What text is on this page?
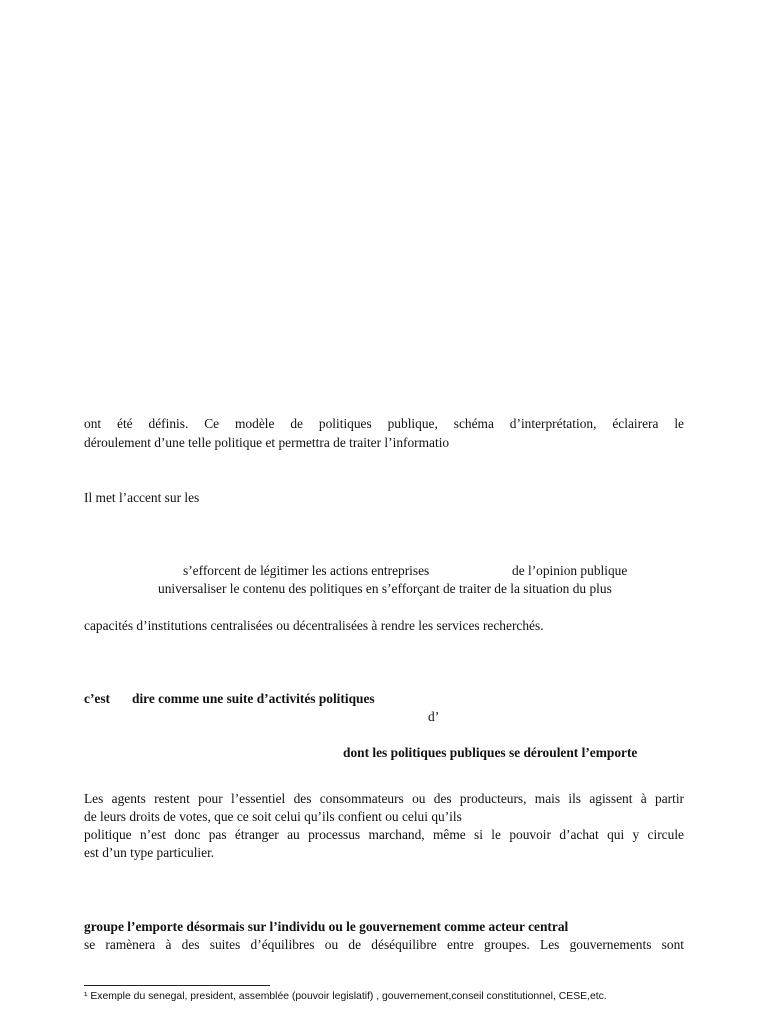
ont été définis. Ce modèle de politiques publique, schéma d’interprétation, éclairera le
déroulement d’une telle politique et permettra de traiter l’informatio
Il met l’accent sur les
s’efforcent de légitimer les actions entreprises	de l’opinion publique
universaliser le contenu des politiques en s’efforçant de traiter de la situation du plus
capacités d’institutions centralisées ou décentralisées à rendre les services recherchés.
c’est dire comme une suite d’activités politiques
d’
dont les politiques publiques se déroulent l’emporte
Les agents restent pour l’essentiel des consommateurs ou des producteurs, mais ils agissent à partir
de leurs droits de votes, que ce soit celui qu’ils confient ou celui qu’ils
politique n’est donc pas étranger au processus marchand, même si le pouvoir d’achat qui y circule
est d’un type particulier.
groupe l’emporte désormais sur l’individu ou le gouvernement comme acteur central
se ramènera à des suites d’équilibres ou de déséquilibre entre groupes. Les gouvernements sont
¹ Exemple du senegal, president, assemblée (pouvoir legislatif) , gouvernement,conseil constitutionnel, CESE,etc.
